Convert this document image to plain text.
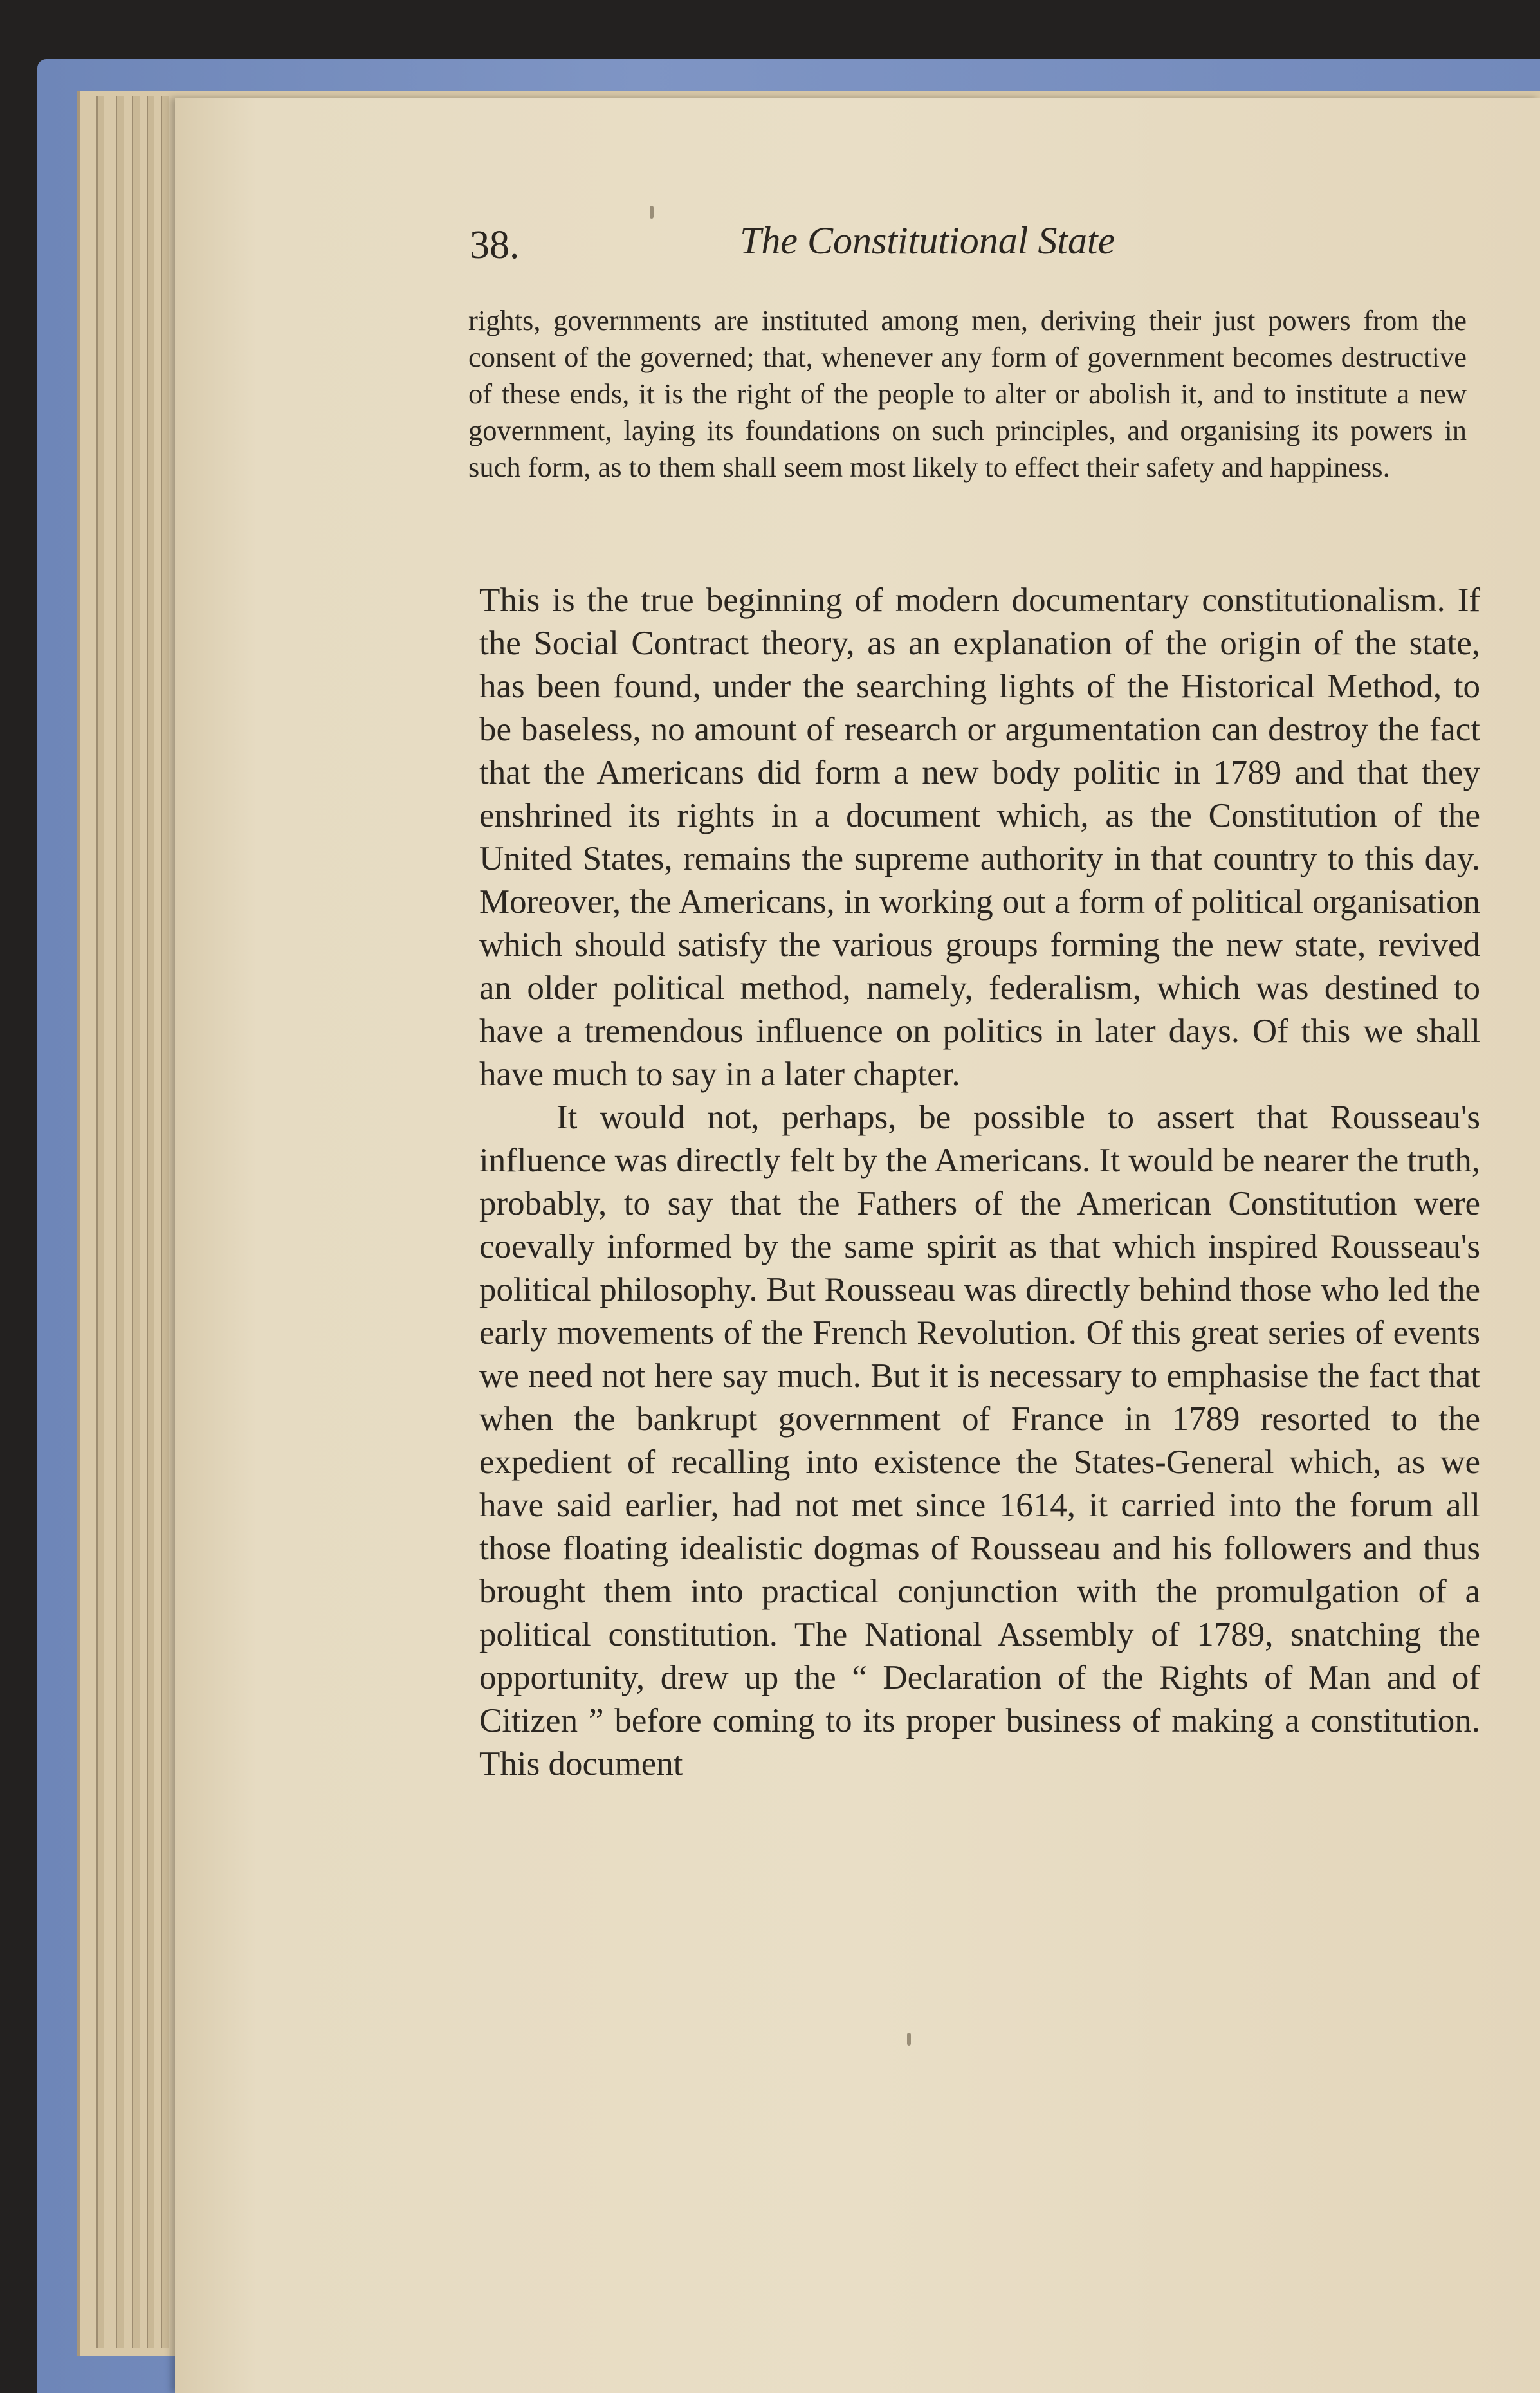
38.	The Constitutional State

rights, governments are instituted among men, deriving their just powers from the consent of the governed; that, whenever any form of government becomes destructive of these ends, it is the right of the people to alter or abolish it, and to institute a new government, laying its foundations on such principles, and organising its powers in such form, as to them shall seem most likely to effect their safety and happiness.

This is the true beginning of modern documentary constitutionalism. If the Social Contract theory, as an explanation of the origin of the state, has been found, under the searching lights of the Historical Method, to be baseless, no amount of research or argumentation can destroy the fact that the Americans did form a new body politic in 1789 and that they enshrined its rights in a document which, as the Constitution of the United States, remains the supreme authority in that country to this day. Moreover, the Americans, in working out a form of political organisation which should satisfy the various groups forming the new state, revived an older political method, namely, federalism, which was destined to have a tremendous influence on politics in later days. Of this we shall have much to say in a later chapter.

It would not, perhaps, be possible to assert that Rousseau's influence was directly felt by the Americans. It would be nearer the truth, probably, to say that the Fathers of the American Constitution were coevally informed by the same spirit as that which inspired Rousseau's political philosophy. But Rousseau was directly behind those who led the early movements of the French Revolution. Of this great series of events we need not here say much. But it is necessary to emphasise the fact that when the bankrupt government of France in 1789 resorted to the expedient of recalling into existence the States-General which, as we have said earlier, had not met since 1614, it carried into the forum all those floating idealistic dogmas of Rousseau and his followers and thus brought them into practical conjunction with the promulgation of a political constitution. The National Assembly of 1789, snatching the opportunity, drew up the “ Declaration of the Rights of Man and of Citizen ” before coming to its proper business of making a constitution. This document
